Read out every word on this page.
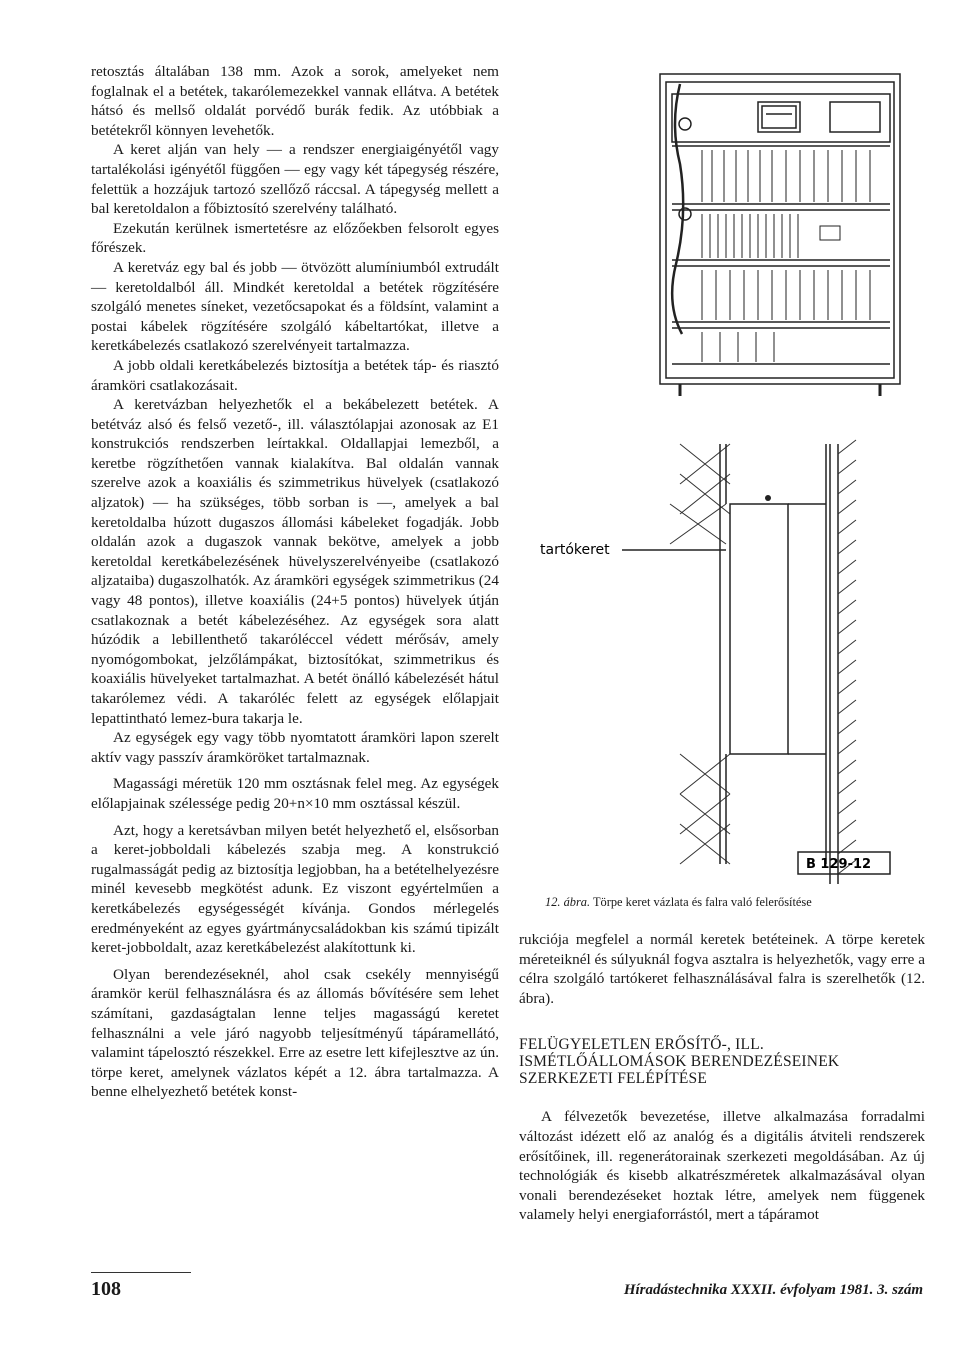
retosztás általában 138 mm. Azok a sorok, amelyeket nem foglalnak el a betétek, takarólemezekkel vannak ellátva. A betétek hátsó és mellső oldalát porvédő burák fedik. Az utóbbiak a betétekről könnyen levehetők.

A keret alján van hely — a rendszer energiaigényétől vagy tartalékolási igényétől függően — egy vagy két tápegység részére, felettük a hozzájuk tartozó szellőző ráccsal. A tápegység mellett a bal keretoldalon a főbiztosító szerelvény található.

Ezekután kerülnek ismertetésre az előzőekben felsorolt egyes főrészek.

A keretváz egy bal és jobb — ötvözött alumíniumból extrudált — keretoldalból áll. Mindkét keretoldal a betétek rögzítésére szolgáló menetes síneket, vezetőcsapokat és a földsínt, valamint a postai kábelek rögzítésére szolgáló kábeltartókat, illetve a keretkábelezés csatlakozó szerelvényeit tartalmazza.

A jobb oldali keretkábelezés biztosítja a betétek táp- és riasztó áramköri csatlakozásait.

A keretvázban helyezhetők el a bekábelezett betétek. A betétváz alsó és felső vezető-, ill. választólapjai azonosak az E1 konstrukciós rendszerben leírtakkal. Oldallapjai lemezből, a keretbe rögzíthetően vannak kialakítva. Bal oldalán vannak szerelve azok a koaxiális és szimmetrikus hüvelyek (csatlakozó aljzatok) — ha szükséges, több sorban is —, amelyek a bal keretoldalba húzott dugaszos állomási kábeleket fogadják. Jobb oldalán azok a dugaszok vannak bekötve, amelyek a jobb keretoldal keretkábelezésének hüvelyszerelvényeibe (csatlakozó aljzataiba) dugaszolhatók. Az áramköri egységek szimmetrikus (24 vagy 48 pontos), illetve koaxiális (24+5 pontos) hüvelyek útján csatlakoznak a betét kábelezéséhez. Az egységek sora alatt húzódik a lebillenthető takaróléccel védett mérősáv, amely nyomógombokat, jelzőlámpákat, biztosítókat, szimmetrikus és koaxiális hüvelyeket tartalmazhat. A betét önálló kábelezését hátul takarólemez védi. A takaróléc felett az egységek előlapjait lepattintható lemez-bura takarja le.

Az egységek egy vagy több nyomtatott áramköri lapon szerelt aktív vagy passzív áramköröket tartalmaznak.

Magassági méretük 120 mm osztásnak felel meg. Az egységek előlapjainak szélessége pedig 20+n×10 mm osztással készül.

Azt, hogy a keretsávban milyen betét helyezhető el, elsősorban a keret-jobboldali kábelezés szabja meg. A konstrukció rugalmasságát pedig az biztosítja legjobban, ha a betételhelyezésre minél kevesebb megkötést adunk. Ez viszont egyértelműen a keretkábelezés egységességét kívánja. Gondos mérlegelés eredményeként az egyes gyártmánycsaládokban kis számú tipizált keret-jobboldalt, azaz keretkábelezést alakítottunk ki.

Olyan berendezéseknél, ahol csak csekély mennyiségű áramkör kerül felhasználásra és az állomás bővítésére sem lehet számítani, gazdaságtalan lenne teljes magasságú keretet felhasználni a vele járó nagyobb teljesítményű tápáramellátó, valamint tápelosztó részekkel. Erre az esetre lett kifejlesztve az ún. törpe keret, amelynek vázlatos képét a 12. ábra tartalmazza. A benne elhelyezhető betétek konst-

tartókeret
B 129-12
12. ábra. Törpe keret vázlata és falra való felerősítése

rukciója megfelel a normál keretek betéteinek. A törpe keretek méreteiknél és súlyuknál fogva asztalra is helyezhetők, vagy erre a célra szolgáló tartókeret felhasználásával falra is szerelhetők (12. ábra).

FELÜGYELETLEN ERŐSÍTŐ-, ILL. ISMÉTLŐÁLLOMÁSOK BERENDEZÉSEINEK SZERKEZETI FELÉPÍTÉSE

A félvezetők bevezetése, illetve alkalmazása forradalmi változást idézett elő az analóg és a digitális átviteli rendszerek erősítőinek, ill. regenerátorainak szerkezeti megoldásában. Az új technológiák és kisebb alkatrészméretek alkalmazásával olyan vonali berendezéseket hoztak létre, amelyek nem függenek valamely helyi energiaforrástól, mert a tápáramot

108	Híradástechnika XXXII. évfolyam 1981. 3. szám
